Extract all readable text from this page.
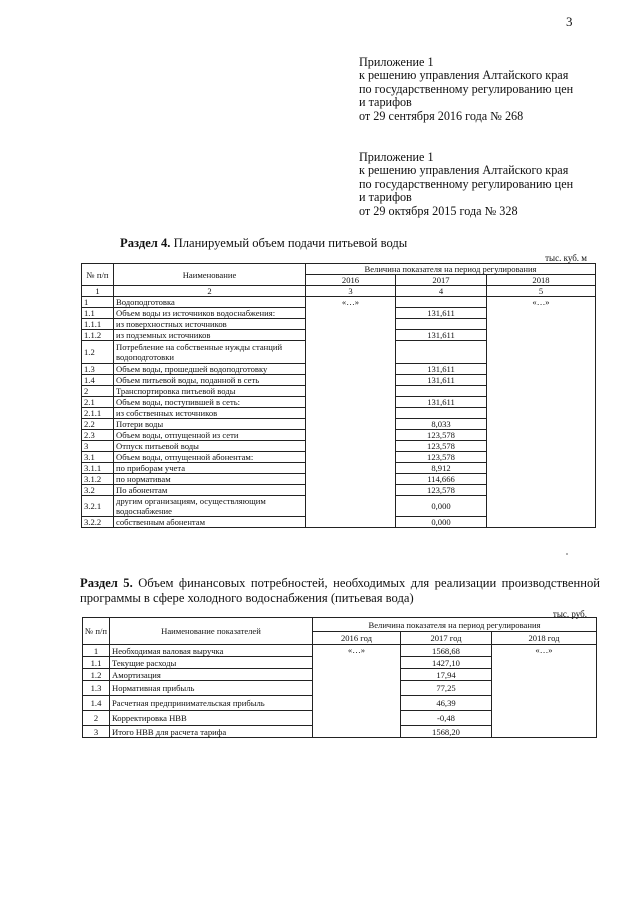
3
Приложение 1
к решению управления Алтайского края
по государственному регулированию цен
и тарифов
от 29 сентября 2016 года № 268
Приложение 1
к решению управления Алтайского края
по государственному регулированию цен
и тарифов
от 29 октября 2015 года № 328
Раздел 4. Планируемый объем подачи питьевой воды
тыс. куб. м
№ п/п	Наименование	Величина показателя на период регулирования		
		2016	2017	2018
1	2	3	4	5
1	Водоподготовка	«…»		«…»
1.1	Объем воды из источников водоснабжения:		131,611	
1.1.1	из поверхностных источников			
1.1.2	из подземных источников		131,611	
1.2	Потребление на собственные нужды станций водоподготовки			
1.3	Объем воды, прошедшей водоподготовку		131,611	
1.4	Объем питьевой воды, поданной в сеть		131,611	
2	Транспортировка питьевой воды			
2.1	Объем воды, поступившей в сеть:		131,611	
2.1.1	из собственных источников			
2.2	Потери воды		8,033	
2.3	Объем воды, отпущенной из сети		123,578	
3	Отпуск питьевой воды		123,578	
3.1	Объем воды, отпущенной абонентам:		123,578	
3.1.1	по приборам учета		8,912	
3.1.2	по нормативам		114,666	
3.2	По абонентам		123,578	
3.2.1	другим организациям, осуществляющим водоснабжение		0,000	
3.2.2	собственным абонентам		0,000	
Раздел 5. Объем финансовых потребностей, необходимых для реализации производственной программы в сфере холодного водоснабжения (питьевая вода)
тыс. руб.
№ п/п	Наименование показателей	Величина показателя на период регулирования		
		2016 год	2017 год	2018 год
1	Необходимая валовая выручка	«…»	1568,68	«…»
1.1	Текущие расходы		1427,10	
1.2	Амортизация		17,94	
1.3	Нормативная прибыль		77,25	
1.4	Расчетная предпринимательская прибыль		46,39	
2	Корректировка НВВ		-0,48	
3	Итого НВВ для расчета тарифа		1568,20	
